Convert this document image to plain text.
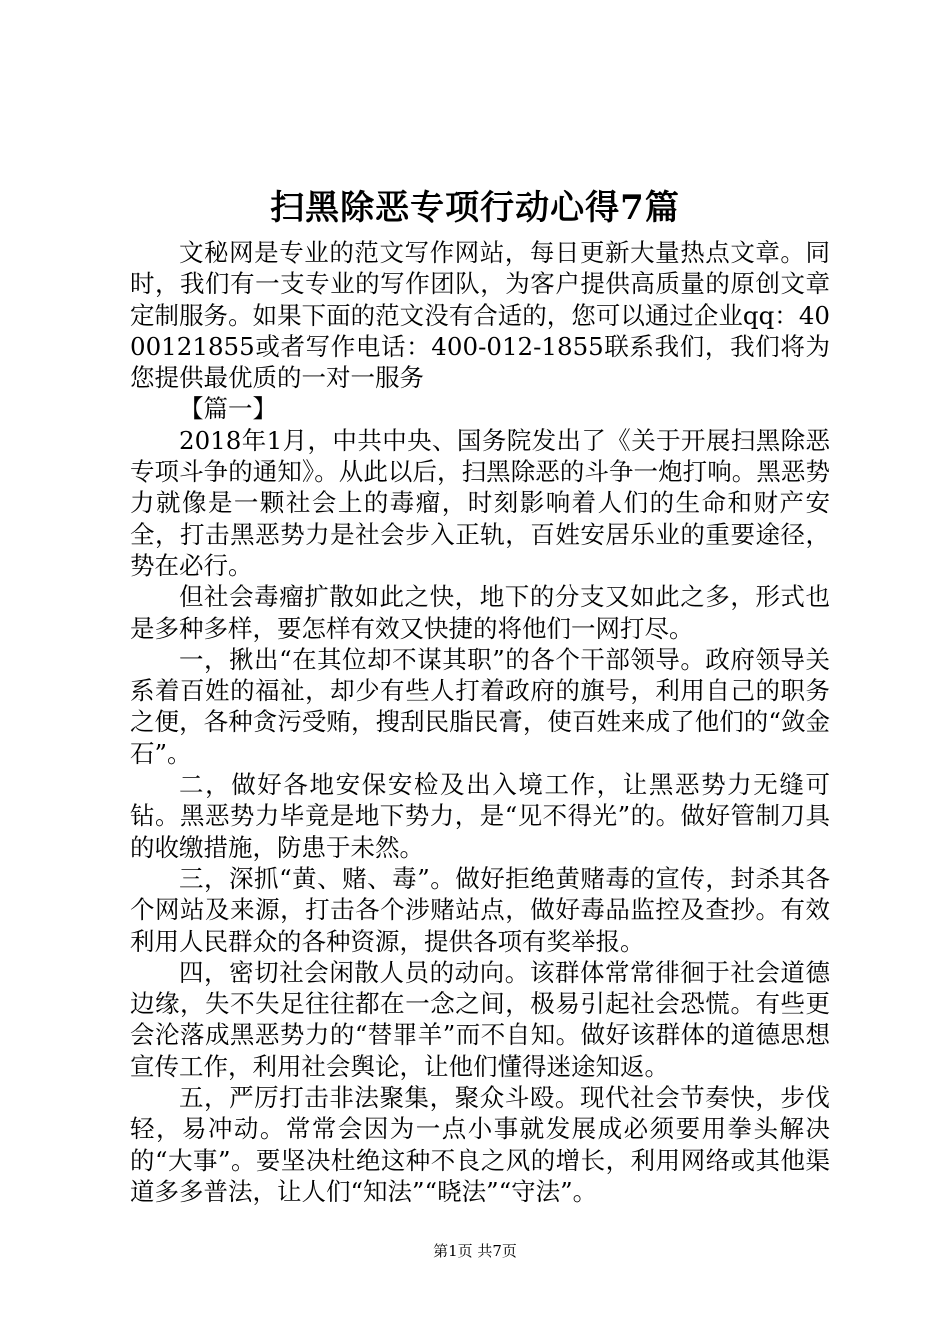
扫黑除恶专项行动心得7篇

文秘网是专业的范文写作网站，每日更新大量热点文章。同时，我们有一支专业的写作团队，为客户提供高质量的原创文章定制服务。如果下面的范文没有合适的，您可以通过企业qq：4000121855或者写作电话：400-012-1855联系我们，我们将为您提供最优质的一对一服务

【篇一】

2018年1月，中共中央、国务院发出了《关于开展扫黑除恶专项斗争的通知》。从此以后，扫黑除恶的斗争一炮打响。黑恶势力就像是一颗社会上的毒瘤，时刻影响着人们的生命和财产安全，打击黑恶势力是社会步入正轨，百姓安居乐业的重要途径，势在必行。

但社会毒瘤扩散如此之快，地下的分支又如此之多，形式也是多种多样，要怎样有效又快捷的将他们一网打尽。

一，揪出“在其位却不谋其职”的各个干部领导。政府领导关系着百姓的福祉，却少有些人打着政府的旗号，利用自己的职务之便，各种贪污受贿，搜刮民脂民膏，使百姓来成了他们的“敛金石”。

二，做好各地安保安检及出入境工作，让黑恶势力无缝可钻。黑恶势力毕竟是地下势力，是“见不得光”的。做好管制刀具的收缴措施，防患于未然。

三，深抓“黄、赌、毒”。做好拒绝黄赌毒的宣传，封杀其各个网站及来源，打击各个涉赌站点，做好毒品监控及查抄。有效利用人民群众的各种资源，提供各项有奖举报。

四，密切社会闲散人员的动向。该群体常常徘徊于社会道德边缘，失不失足往往都在一念之间，极易引起社会恐慌。有些更会沦落成黑恶势力的“替罪羊”而不自知。做好该群体的道德思想宣传工作，利用社会舆论，让他们懂得迷途知返。

五，严厉打击非法聚集，聚众斗殴。现代社会节奏快，步伐轻，易冲动。常常会因为一点小事就发展成必须要用拳头解决的“大事”。要坚决杜绝这种不良之风的增长，利用网络或其他渠道多多普法，让人们“知法”“晓法”“守法”。

第1页 共7页
